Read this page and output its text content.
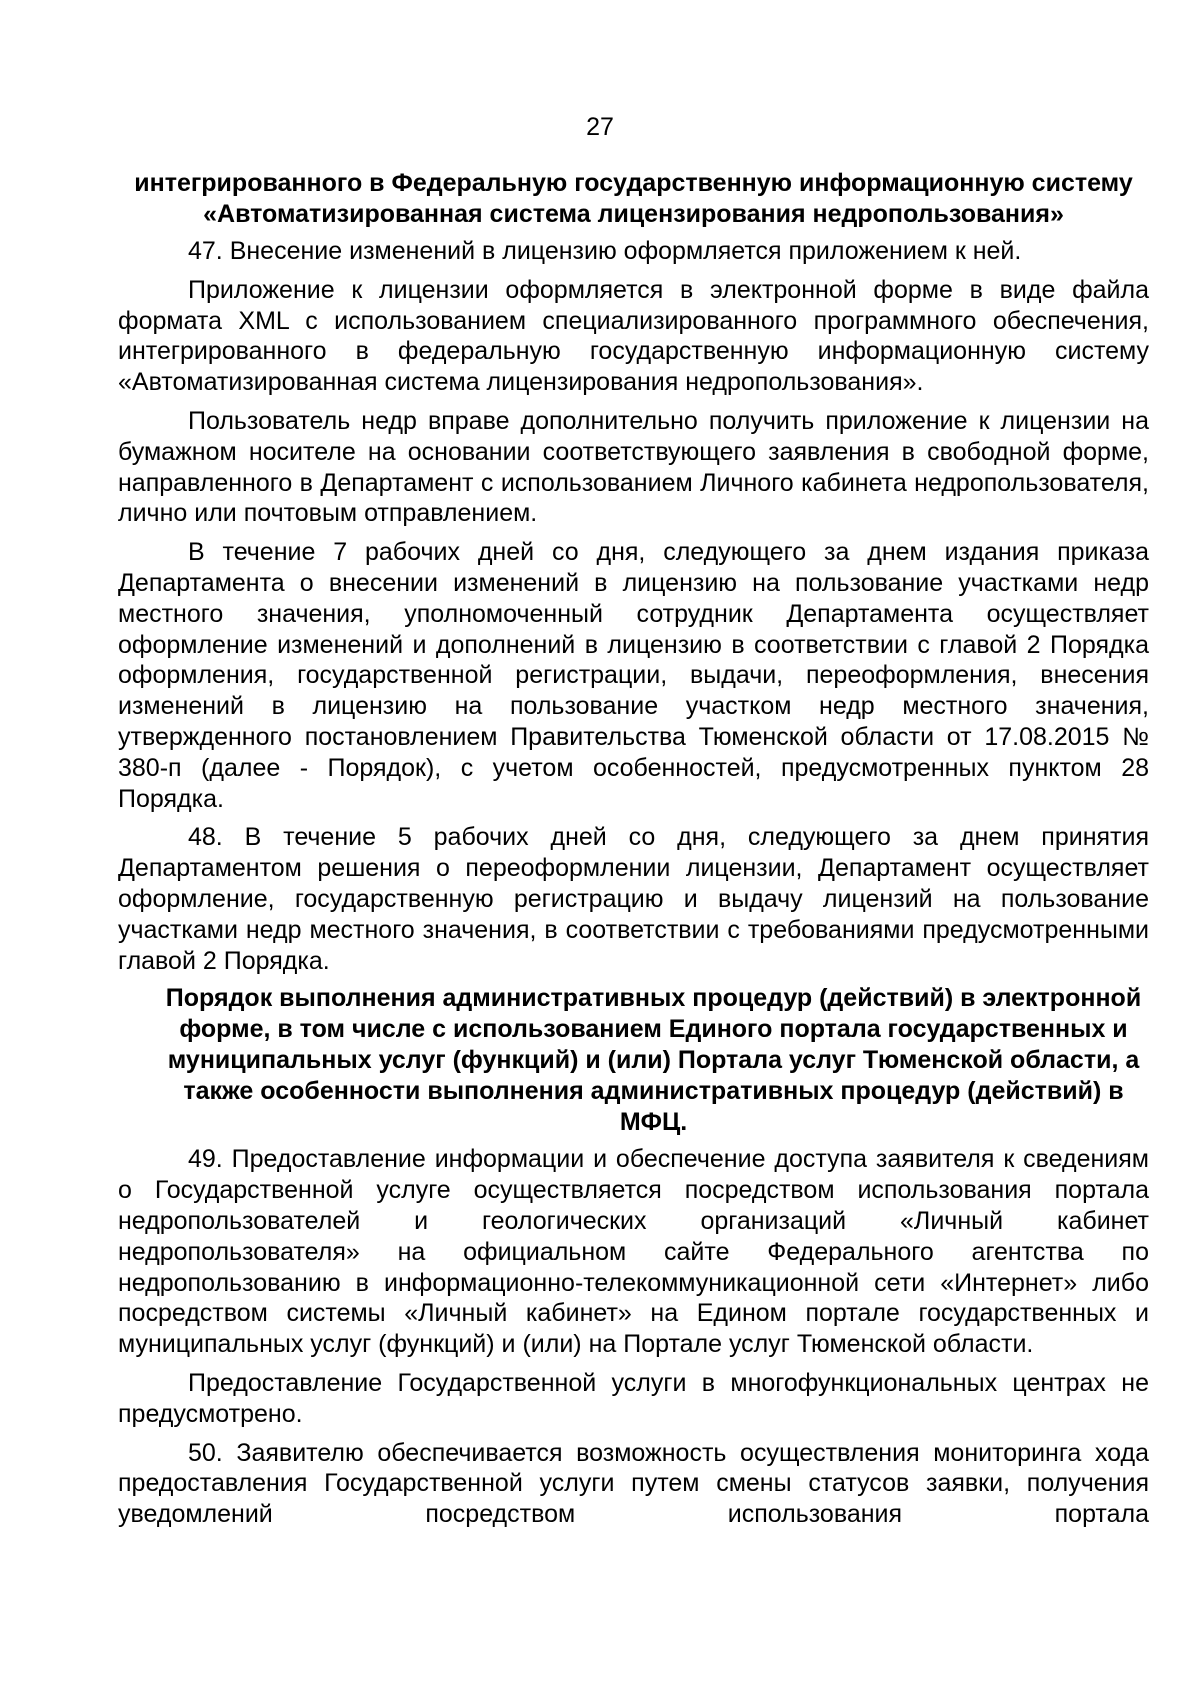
27

интегрированного в Федеральную государственную информационную систему «Автоматизированная система лицензирования недропользования»

47. Внесение изменений в лицензию оформляется приложением к ней.

Приложение к лицензии оформляется в электронной форме в виде файла формата XML с использованием специализированного программного обеспечения, интегрированного в федеральную государственную информационную систему «Автоматизированная система лицензирования недропользования».

Пользователь недр вправе дополнительно получить приложение к лицензии на бумажном носителе на основании соответствующего заявления в свободной форме, направленного в Департамент с использованием Личного кабинета недропользователя, лично или почтовым отправлением.

В течение 7 рабочих дней со дня, следующего за днем издания приказа Департамента о внесении изменений в лицензию на пользование участками недр местного значения, уполномоченный сотрудник Департамента осуществляет оформление изменений и дополнений в лицензию в соответствии с главой 2 Порядка оформления, государственной регистрации, выдачи, переоформления, внесения изменений в лицензию на пользование участком недр местного значения, утвержденного постановлением Правительства Тюменской области от 17.08.2015 № 380-п (далее - Порядок), с учетом особенностей, предусмотренных пунктом 28 Порядка.

48. В течение 5 рабочих дней со дня, следующего за днем принятия Департаментом решения о переоформлении лицензии, Департамент осуществляет оформление, государственную регистрацию и выдачу лицензий на пользование участками недр местного значения, в соответствии с требованиями предусмотренными главой 2 Порядка.

Порядок выполнения административных процедур (действий) в электронной форме, в том числе с использованием Единого портала государственных и муниципальных услуг (функций) и (или) Портала услуг Тюменской области, а также особенности выполнения административных процедур (действий) в МФЦ.

49. Предоставление информации и обеспечение доступа заявителя к сведениям о Государственной услуге осуществляется посредством использования портала недропользователей и геологических организаций «Личный кабинет недропользователя» на официальном сайте Федерального агентства по недропользованию в информационно-телекоммуникационной сети «Интернет» либо посредством системы «Личный кабинет» на Едином портале государственных и муниципальных услуг (функций) и (или) на Портале услуг Тюменской области.

Предоставление Государственной услуги в многофункциональных центрах не предусмотрено.

50. Заявителю обеспечивается возможность осуществления мониторинга хода предоставления Государственной услуги путем смены статусов заявки, получения уведомлений посредством использования портала
